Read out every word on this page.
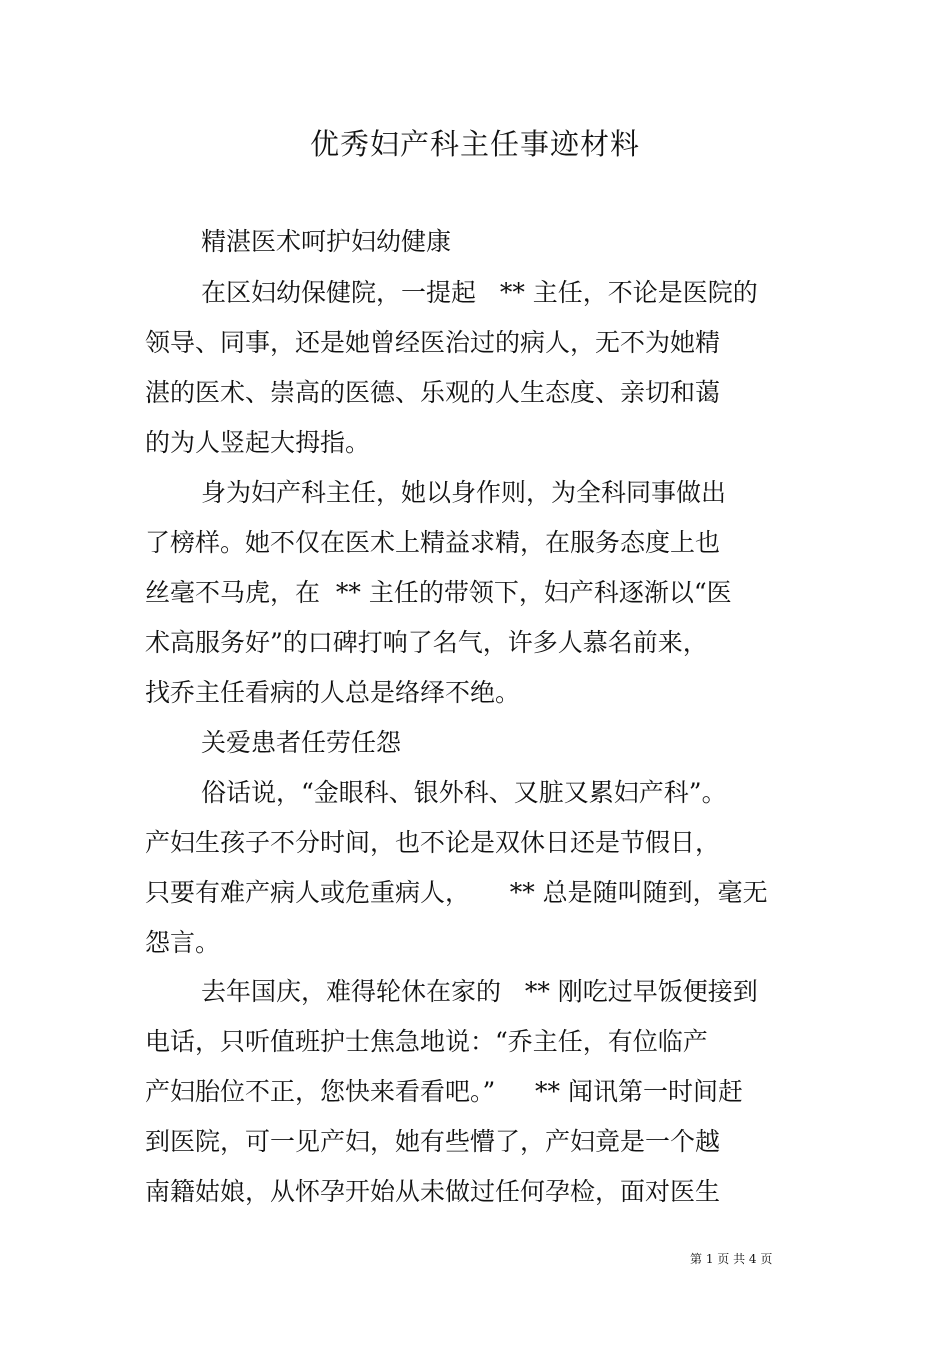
优秀妇产科主任事迹材料
精湛医术呵护妇幼健康
在区妇幼保健院，一提起   ** 主任，不论是医院的
领导、同事，还是她曾经医治过的病人，无不为她精
湛的医术、崇高的医德、乐观的人生态度、亲切和蔼
的为人竖起大拇指。
身为妇产科主任，她以身作则，为全科同事做出
了榜样。她不仅在医术上精益求精，在服务态度上也
丝毫不马虎，在  ** 主任的带领下，妇产科逐渐以“医
术高服务好”的口碑打响了名气，许多人慕名前来，
找乔主任看病的人总是络绎不绝。
关爱患者任劳任怨
俗话说，“金眼科、银外科、又脏又累妇产科”。
产妇生孩子不分时间，也不论是双休日还是节假日，
只要有难产病人或危重病人，     ** 总是随叫随到，毫无
怨言。
去年国庆，难得轮休在家的   ** 刚吃过早饭便接到
电话，只听值班护士焦急地说：“乔主任，有位临产
产妇胎位不正，您快来看看吧。”     ** 闻讯第一时间赶
到医院，可一见产妇，她有些懵了，产妇竟是一个越
南籍姑娘，从怀孕开始从未做过任何孕检，面对医生
第 1 页 共 4 页
